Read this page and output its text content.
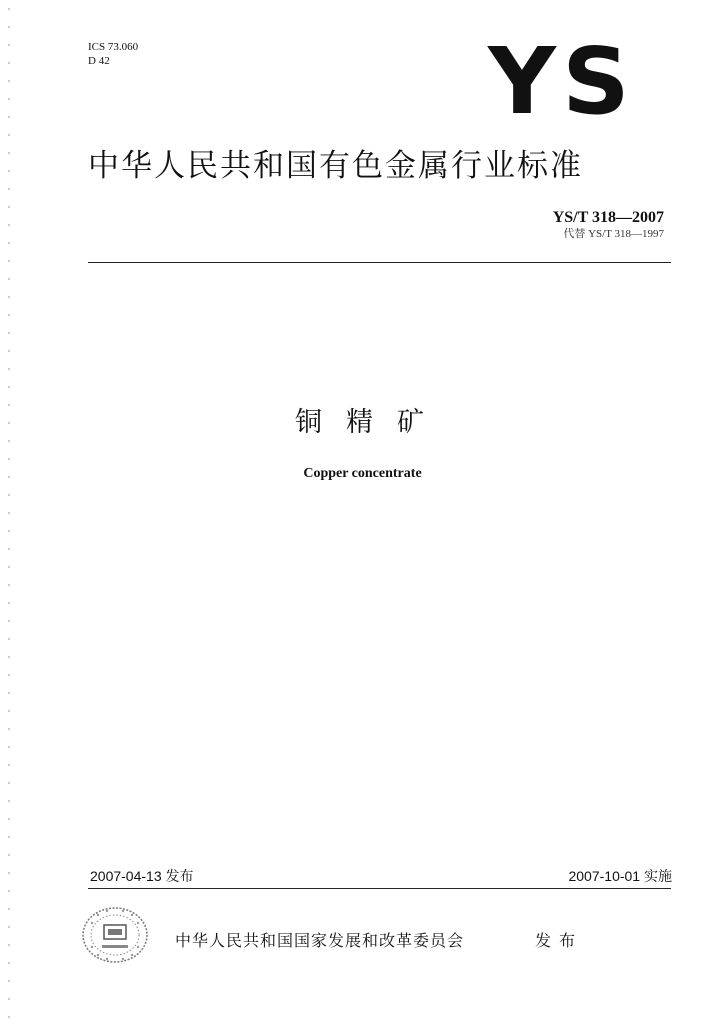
ICS 73.060
D 42	YS
中华人民共和国有色金属行业标准
YS/T 318—2007
代替 YS/T 318—1997
铜精矿
Copper concentrate
2007-04-13 发布	2007-10-01 实施
中华人民共和国国家发展和改革委员会	发布
